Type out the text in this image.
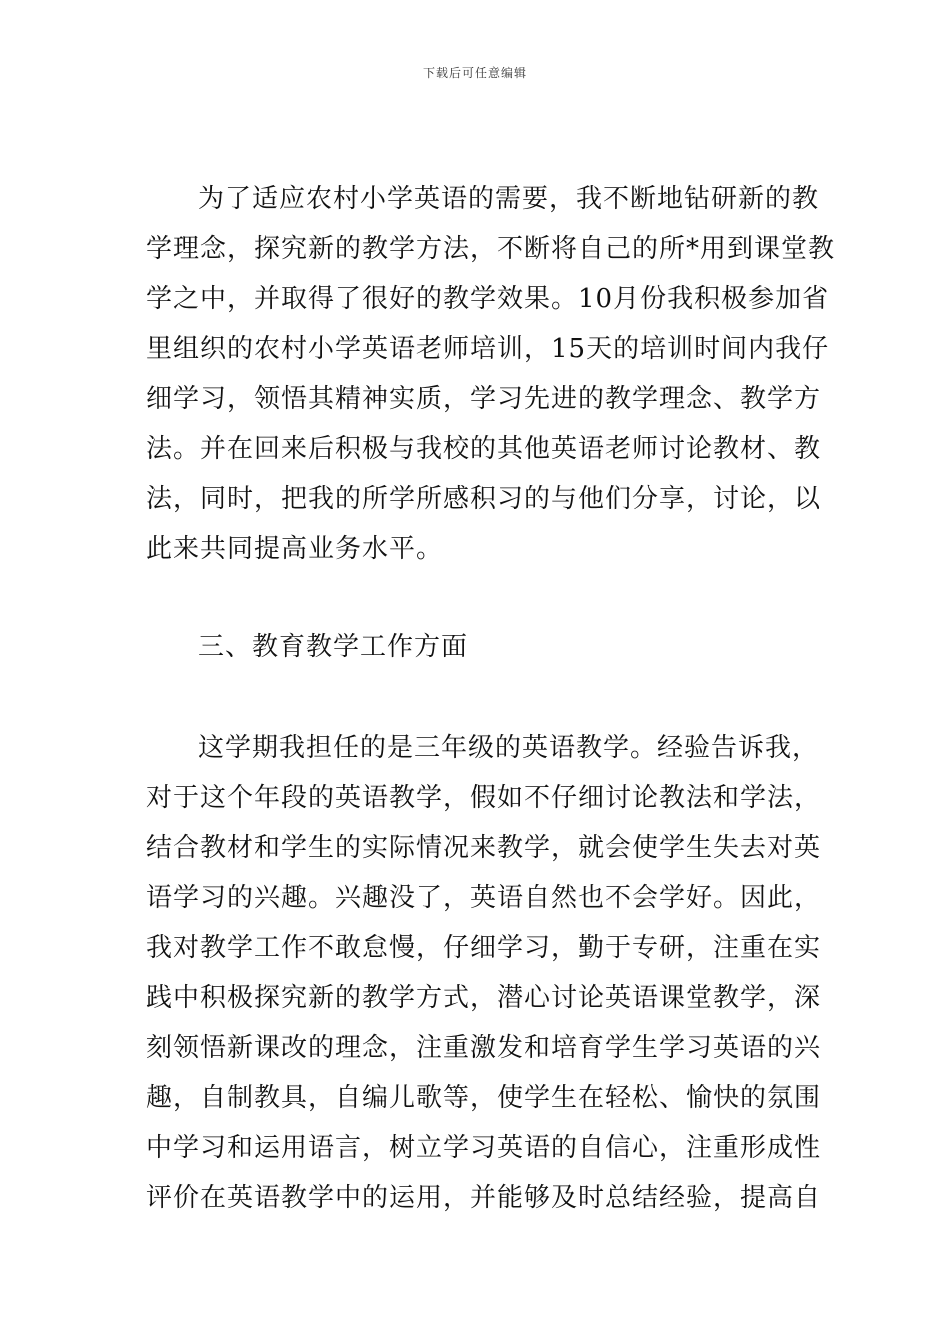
下载后可任意编辑
为了适应农村小学英语的需要，我不断地钻研新的教
学理念，探究新的教学方法，不断将自己的所*用到课堂教
学之中，并取得了很好的教学效果。10月份我积极参加省
里组织的农村小学英语老师培训，15天的培训时间内我仔
细学习，领悟其精神实质，学习先进的教学理念、教学方
法。并在回来后积极与我校的其他英语老师讨论教材、教
法，同时，把我的所学所感积习的与他们分享，讨论，以
此来共同提高业务水平。
三、教育教学工作方面
这学期我担任的是三年级的英语教学。经验告诉我，
对于这个年段的英语教学，假如不仔细讨论教法和学法，
结合教材和学生的实际情况来教学，就会使学生失去对英
语学习的兴趣。兴趣没了，英语自然也不会学好。因此，
我对教学工作不敢怠慢，仔细学习，勤于专研，注重在实
践中积极探究新的教学方式，潜心讨论英语课堂教学，深
刻领悟新课改的理念，注重激发和培育学生学习英语的兴
趣，自制教具，自编儿歌等，使学生在轻松、愉快的氛围
中学习和运用语言，树立学习英语的自信心，注重形成性
评价在英语教学中的运用，并能够及时总结经验，提高自
